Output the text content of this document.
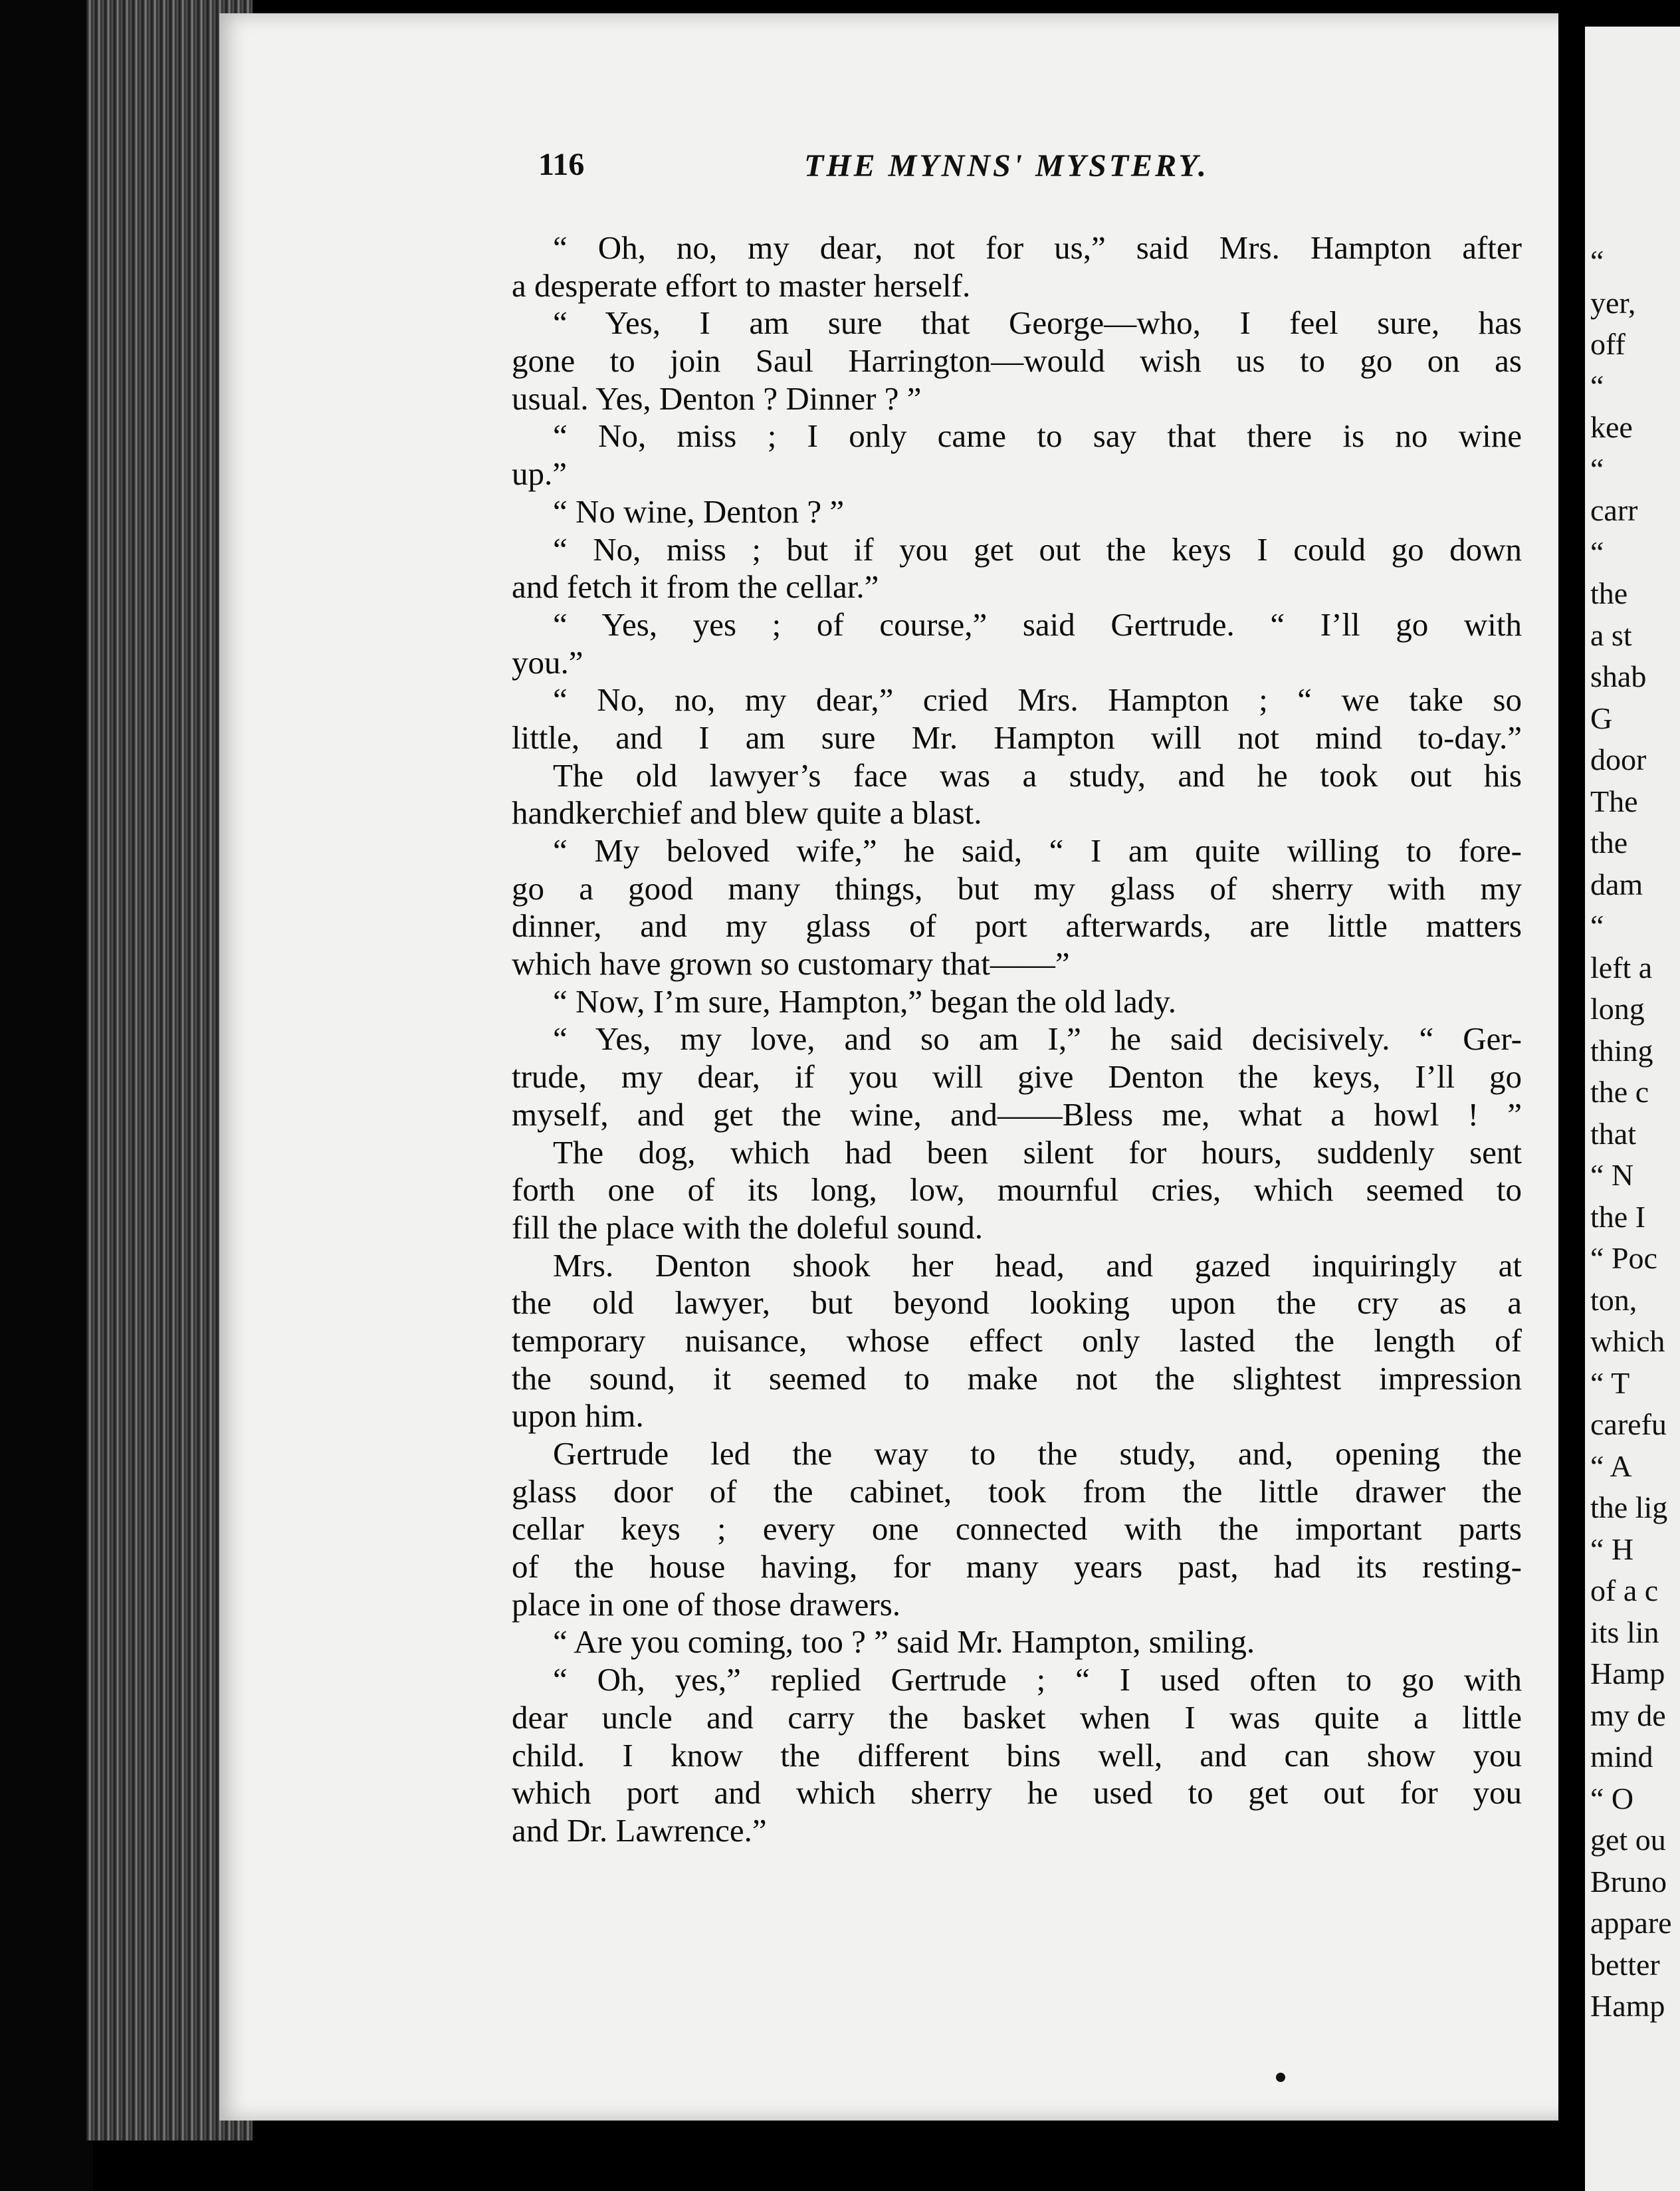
116	THE MYNNS' MYSTERY.
“ Oh, no, my dear, not for us,” said Mrs. Hampton after
a desperate effort to master herself.
“ Yes, I am sure that George—who, I feel sure, has
gone to join Saul Harrington—would wish us to go on as
usual. Yes, Denton ? Dinner ? ”
“ No, miss ; I only came to say that there is no wine
up.”
“ No wine, Denton ? ”
“ No, miss ; but if you get out the keys I could go down
and fetch it from the cellar.”
“ Yes, yes ; of course,” said Gertrude. “ I’ll go with
you.”
“ No, no, my dear,” cried Mrs. Hampton ; “ we take so
little, and I am sure Mr. Hampton will not mind to-day.”
The old lawyer’s face was a study, and he took out his
handkerchief and blew quite a blast.
“ My beloved wife,” he said, “ I am quite willing to fore-
go a good many things, but my glass of sherry with my
dinner, and my glass of port afterwards, are little matters
which have grown so customary that——”
“ Now, I’m sure, Hampton,” began the old lady.
“ Yes, my love, and so am I,” he said decisively. “ Ger-
trude, my dear, if you will give Denton the keys, I’ll go
myself, and get the wine, and——Bless me, what a howl ! ”
The dog, which had been silent for hours, suddenly sent
forth one of its long, low, mournful cries, which seemed to
fill the place with the doleful sound.
Mrs. Denton shook her head, and gazed inquiringly at
the old lawyer, but beyond looking upon the cry as a
temporary nuisance, whose effect only lasted the length of
the sound, it seemed to make not the slightest impression
upon him.
Gertrude led the way to the study, and, opening the
glass door of the cabinet, took from the little drawer the
cellar keys ; every one connected with the important parts
of the house having, for many years past, had its resting-
place in one of those drawers.
“ Are you coming, too ? ” said Mr. Hampton, smiling.
“ Oh, yes,” replied Gertrude ; “ I used often to go with
dear uncle and carry the basket when I was quite a little
child. I know the different bins well, and can show you
which port and which sherry he used to get out for you
and Dr. Lawrence.”
“
yer,
off
“
kee
“
carr
“
the
a st
shab
G
door
The
the
dam
“
left a
long
thing
the c
that
“ N
the I
“ Poc
ton,
which
“ T
carefu
“ A
the lig
“ H
of a c
its lin
Hamp
my de
mind
“ O
get ou
Bruno
appare
better
Hamp
